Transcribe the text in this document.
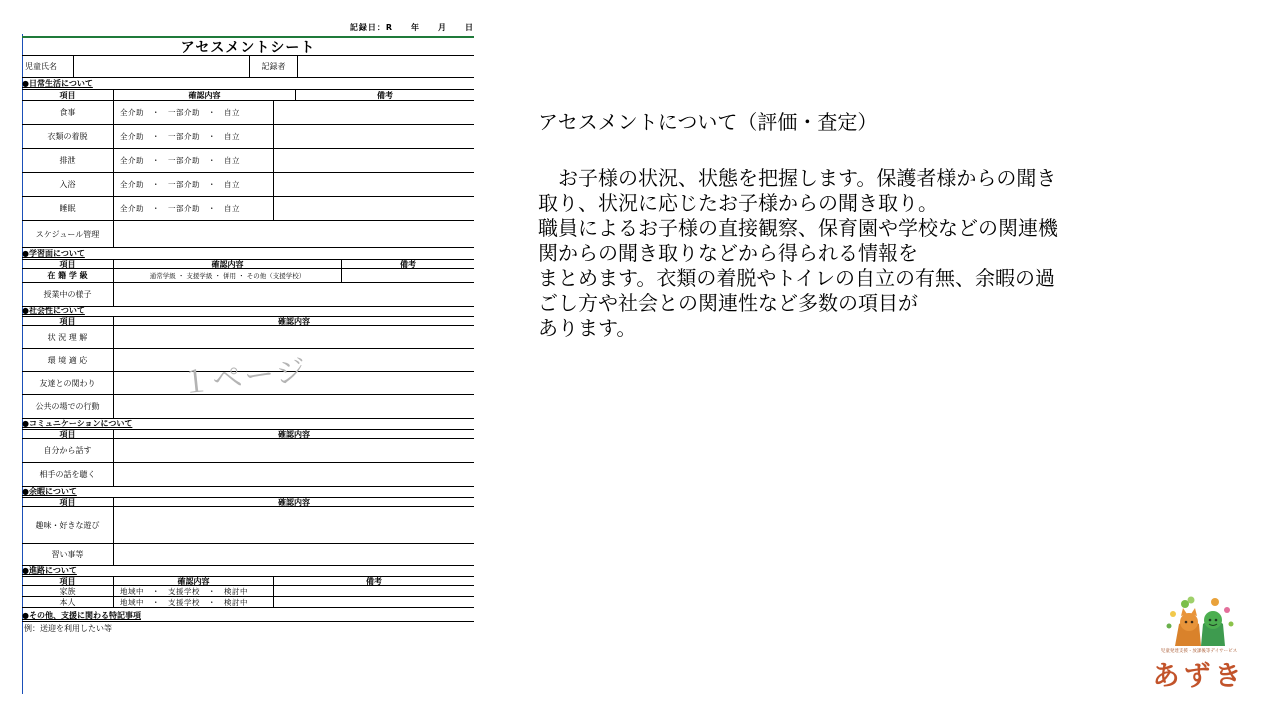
記録日：R　　年　　月　　日
アセスメントシート
児童氏名	記録者
●日常生活について
項目	確認内容	備考
食事	全介助　・　一部介助　・　自立
衣類の着脱	全介助　・　一部介助　・　自立
排泄	全介助　・　一部介助　・　自立
入浴	全介助　・　一部介助　・　自立
睡眠	全介助　・　一部介助　・　自立
スケジュール管理
●学習面について
項目	確認内容	備考
在 籍 学 級	通常学級 ・ 支援学級 ・ 併用 ・ その他（支援学校）
授業中の様子
●社会性について
項目	確認内容
状 況 理 解
環 境 適 応
友達との関わり
公共の場での行動
●コミュニケーションについて
項目	確認内容
自分から話す
相手の話を聴く
●余暇について
項目	確認内容
趣味・好きな遊び
習い事等
●進路について
項目	確認内容	備考
家族	地域中　・　支援学校　・　検討中
本人	地域中　・　支援学校　・　検討中
●その他、支援に関わる特記事項
例：送迎を利用したい等
１ページ
アセスメントについて（評価・査定）

　お子様の状況、状態を把握します。保護者様からの聞き

取り、状況に応じたお子様からの聞き取り。

職員によるお子様の直接観察、保育園や学校などの関連機

関からの聞き取りなどから得られる情報を

まとめます。衣類の着脱やトイレの自立の有無、余暇の過

ごし方や社会との関連性など多数の項目が

あります。

児童発達支援・放課後等デイサービス
あずき
